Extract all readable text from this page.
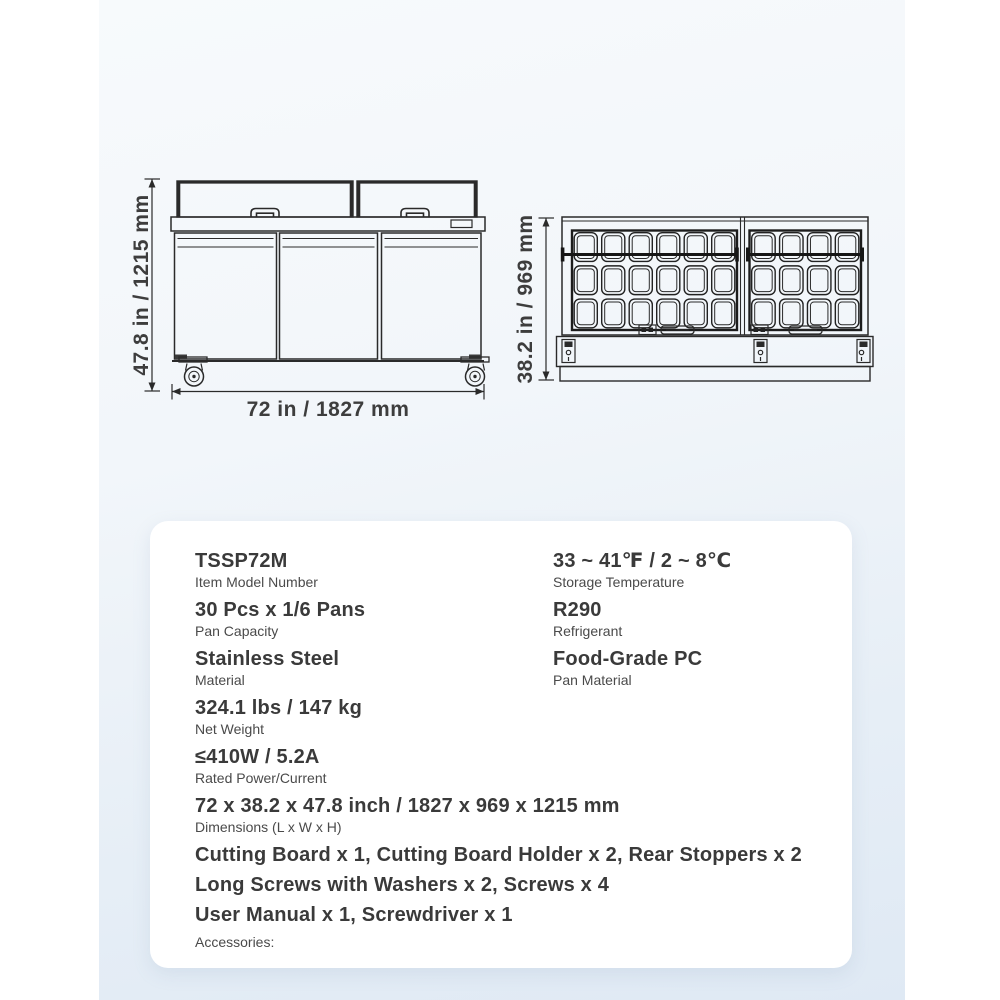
47.8 in / 1215 mm
72 in / 1827 mm
38.2 in / 969 mm
TSSP72M
Item Model Number
30 Pcs x 1/6 Pans
Pan Capacity
Stainless Steel
Material
324.1 lbs / 147 kg
Net Weight
≤410W / 5.2A
Rated Power/Current
33 ~ 41℉ / 2 ~ 8℃
Storage Temperature
R290
Refrigerant
Food-Grade PC
Pan Material
72 x 38.2 x 47.8 inch / 1827 x 969 x 1215 mm
Dimensions (L x W x H)
Cutting Board x 1, Cutting Board Holder x 2, Rear Stoppers x 2
Long Screws with Washers x 2, Screws x 4
User Manual x 1, Screwdriver x 1
Accessories:
